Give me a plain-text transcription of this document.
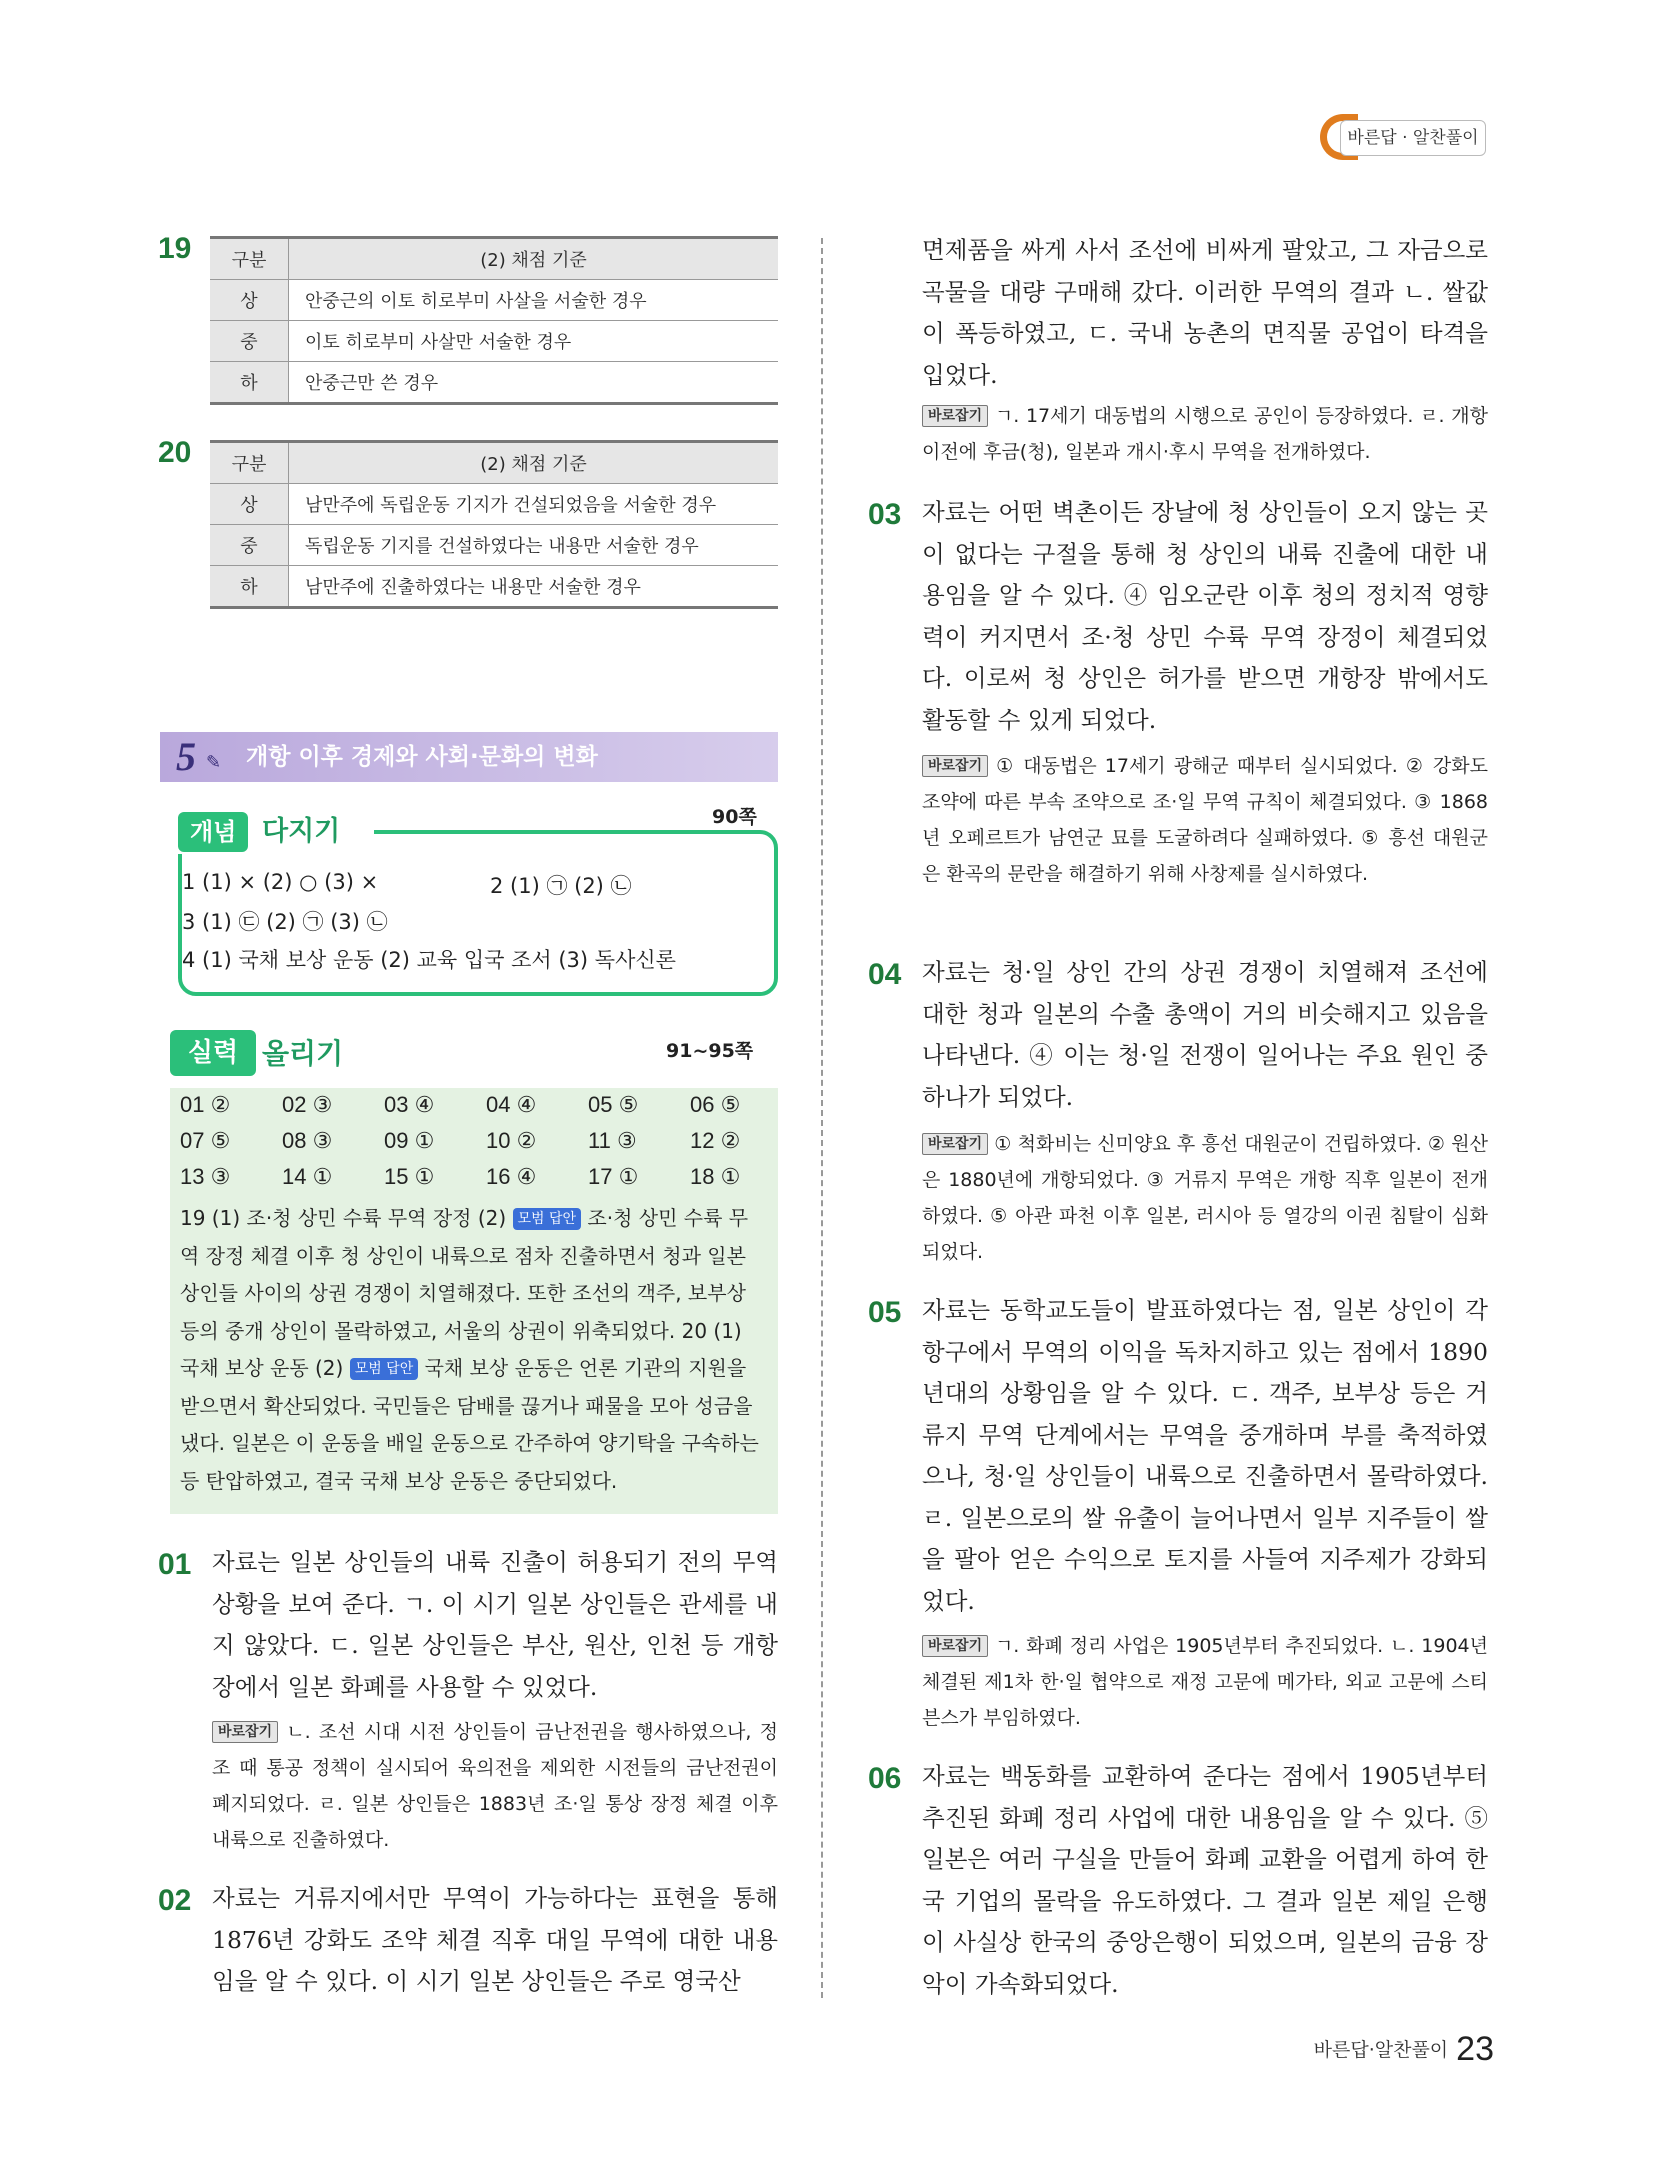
바른답 · 알찬풀이
19 구분	(2) 채점 기준
상	안중근의 이토 히로부미 사살을 서술한 경우
중	이토 히로부미 사살만 서술한 경우
하	안중근만 쓴 경우
20 구분	(2) 채점 기준
상	남만주에 독립운동 기지가 건설되었음을 서술한 경우
중	독립운동 기지를 건설하였다는 내용만 서술한 경우
하	남만주에 진출하였다는 내용만 서술한 경우
5 ✎ 개항 이후 경제와 사회·문화의 변화
개념 다지기	90쪽
1 (1) × (2) ○ (3) ×	2 (1) ㉠ (2) ㉡
3 (1) ㉢ (2) ㉠ (3) ㉡
4 (1) 국채 보상 운동 (2) 교육 입국 조서 (3) 독사신론
실력 올리기	91~95쪽
01 ② 02 ③ 03 ④ 04 ④ 05 ⑤ 06 ⑤
07 ⑤ 08 ③ 09 ① 10 ② 11 ③ 12 ②
13 ③ 14 ① 15 ① 16 ④ 17 ① 18 ①
19 (1) 조·청 상민 수륙 무역 장정 (2) 모범 답안 조·청 상민 수륙 무역 장정 체결 이후 청 상인이 내륙으로 점차 진출하면서 청과 일본 상인들 사이의 상권 경쟁이 치열해졌다. 또한 조선의 객주, 보부상 등의 중개 상인이 몰락하였고, 서울의 상권이 위축되었다. 20 (1) 국채 보상 운동 (2) 모범 답안 국채 보상 운동은 언론 기관의 지원을 받으면서 확산되었다. 국민들은 담배를 끊거나 패물을 모아 성금을 냈다. 일본은 이 운동을 배일 운동으로 간주하여 양기탁을 구속하는 등 탄압하였고, 결국 국채 보상 운동은 중단되었다.
01 자료는 일본 상인들의 내륙 진출이 허용되기 전의 무역 상황을 보여 준다. ㄱ. 이 시기 일본 상인들은 관세를 내지 않았다. ㄷ. 일본 상인들은 부산, 원산, 인천 등 개항장에서 일본 화폐를 사용할 수 있었다.
바로잡기 ㄴ. 조선 시대 시전 상인들이 금난전권을 행사하였으나, 정조 때 통공 정책이 실시되어 육의전을 제외한 시전들의 금난전권이 폐지되었다. ㄹ. 일본 상인들은 1883년 조·일 통상 장정 체결 이후 내륙으로 진출하였다.
02 자료는 거류지에서만 무역이 가능하다는 표현을 통해 1876년 강화도 조약 체결 직후 대일 무역에 대한 내용임을 알 수 있다. 이 시기 일본 상인들은 주로 영국산
면제품을 싸게 사서 조선에 비싸게 팔았고, 그 자금으로 곡물을 대량 구매해 갔다. 이러한 무역의 결과 ㄴ. 쌀값이 폭등하였고, ㄷ. 국내 농촌의 면직물 공업이 타격을 입었다.
바로잡기 ㄱ. 17세기 대동법의 시행으로 공인이 등장하였다. ㄹ. 개항 이전에 후금(청), 일본과 개시·후시 무역을 전개하였다.
03 자료는 어떤 벽촌이든 장날에 청 상인들이 오지 않는 곳이 없다는 구절을 통해 청 상인의 내륙 진출에 대한 내용임을 알 수 있다. ④ 임오군란 이후 청의 정치적 영향력이 커지면서 조·청 상민 수륙 무역 장정이 체결되었다. 이로써 청 상인은 허가를 받으면 개항장 밖에서도 활동할 수 있게 되었다.
바로잡기 ① 대동법은 17세기 광해군 때부터 실시되었다. ② 강화도 조약에 따른 부속 조약으로 조·일 무역 규칙이 체결되었다. ③ 1868년 오페르트가 남연군 묘를 도굴하려다 실패하였다. ⑤ 흥선 대원군은 환곡의 문란을 해결하기 위해 사창제를 실시하였다.
04 자료는 청·일 상인 간의 상권 경쟁이 치열해져 조선에 대한 청과 일본의 수출 총액이 거의 비슷해지고 있음을 나타낸다. ④ 이는 청·일 전쟁이 일어나는 주요 원인 중 하나가 되었다.
바로잡기 ① 척화비는 신미양요 후 흥선 대원군이 건립하였다. ② 원산은 1880년에 개항되었다. ③ 거류지 무역은 개항 직후 일본이 전개하였다. ⑤ 아관 파천 이후 일본, 러시아 등 열강의 이권 침탈이 심화되었다.
05 자료는 동학교도들이 발표하였다는 점, 일본 상인이 각 항구에서 무역의 이익을 독차지하고 있는 점에서 1890년대의 상황임을 알 수 있다. ㄷ. 객주, 보부상 등은 거류지 무역 단계에서는 무역을 중개하며 부를 축적하였으나, 청·일 상인들이 내륙으로 진출하면서 몰락하였다. ㄹ. 일본으로의 쌀 유출이 늘어나면서 일부 지주들이 쌀을 팔아 얻은 수익으로 토지를 사들여 지주제가 강화되었다.
바로잡기 ㄱ. 화폐 정리 사업은 1905년부터 추진되었다. ㄴ. 1904년 체결된 제1차 한·일 협약으로 재정 고문에 메가타, 외교 고문에 스티븐스가 부임하였다.
06 자료는 백동화를 교환하여 준다는 점에서 1905년부터 추진된 화폐 정리 사업에 대한 내용임을 알 수 있다. ⑤ 일본은 여러 구실을 만들어 화폐 교환을 어렵게 하여 한국 기업의 몰락을 유도하였다. 그 결과 일본 제일 은행이 사실상 한국의 중앙은행이 되었으며, 일본의 금융 장악이 가속화되었다.
바른답·알찬풀이 23
